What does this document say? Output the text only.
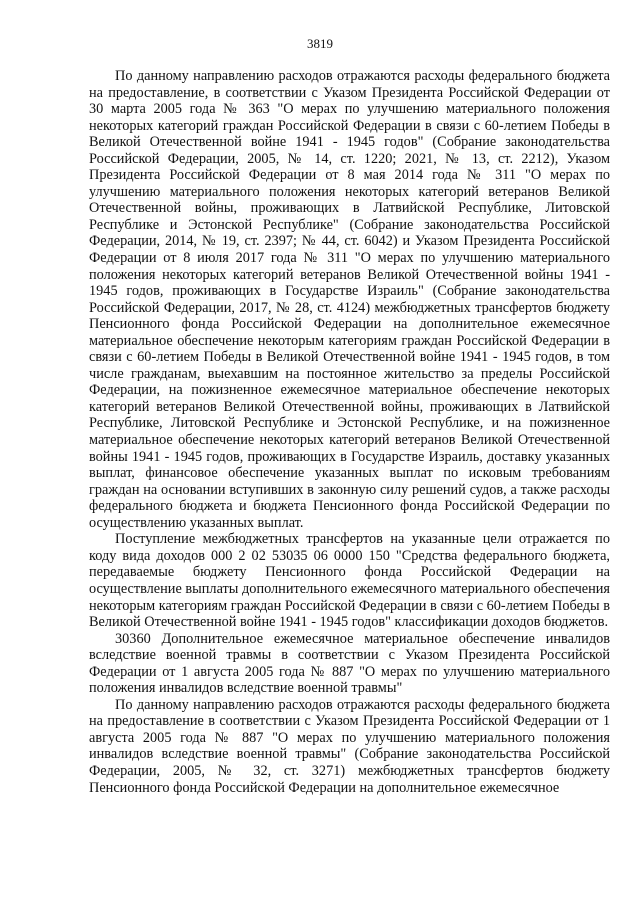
3819

По данному направлению расходов отражаются расходы федерального бюджета на предоставление, в соответствии с Указом Президента Российской Федерации от 30 марта 2005 года № 363 "О мерах по улучшению материального положения некоторых категорий граждан Российской Федерации в связи с 60-летием Победы в Великой Отечественной войне 1941 - 1945 годов" (Собрание законодательства Российской Федерации, 2005, № 14, ст. 1220; 2021, № 13, ст. 2212), Указом Президента Российской Федерации от 8 мая 2014 года № 311 "О мерах по улучшению материального положения некоторых категорий ветеранов Великой Отечественной войны, проживающих в Латвийской Республике, Литовской Республике и Эстонской Республике" (Собрание законодательства Российской Федерации, 2014, № 19, ст. 2397; № 44, ст. 6042) и Указом Президента Российской Федерации от 8 июля 2017 года № 311 "О мерах по улучшению материального положения некоторых категорий ветеранов Великой Отечественной войны 1941 - 1945 годов, проживающих в Государстве Израиль" (Собрание законодательства Российской Федерации, 2017, № 28, ст. 4124) межбюджетных трансфертов бюджету Пенсионного фонда Российской Федерации на дополнительное ежемесячное материальное обеспечение некоторым категориям граждан Российской Федерации в связи с 60-летием Победы в Великой Отечественной войне 1941 - 1945 годов, в том числе гражданам, выехавшим на постоянное жительство за пределы Российской Федерации, на пожизненное ежемесячное материальное обеспечение некоторых категорий ветеранов Великой Отечественной войны, проживающих в Латвийской Республике, Литовской Республике и Эстонской Республике, и на пожизненное материальное обеспечение некоторых категорий ветеранов Великой Отечественной войны 1941 - 1945 годов, проживающих в Государстве Израиль, доставку указанных выплат, финансовое обеспечение указанных выплат по исковым требованиям граждан на основании вступивших в законную силу решений судов, а также расходы федерального бюджета и бюджета Пенсионного фонда Российской Федерации по осуществлению указанных выплат.

Поступление межбюджетных трансфертов на указанные цели отражается по коду вида доходов 000 2 02 53035 06 0000 150 "Средства федерального бюджета, передаваемые бюджету Пенсионного фонда Российской Федерации на осуществление выплаты дополнительного ежемесячного материального обеспечения некоторым категориям граждан Российской Федерации в связи с 60-летием Победы в Великой Отечественной войне 1941 - 1945 годов" классификации доходов бюджетов.

30360 Дополнительное ежемесячное материальное обеспечение инвалидов вследствие военной травмы в соответствии с Указом Президента Российской Федерации от 1 августа 2005 года № 887 "О мерах по улучшению материального положения инвалидов вследствие военной травмы"

По данному направлению расходов отражаются расходы федерального бюджета на предоставление в соответствии с Указом Президента Российской Федерации от 1 августа 2005 года № 887 "О мерах по улучшению материального положения инвалидов вследствие военной травмы" (Собрание законодательства Российской Федерации, 2005, № 32, ст. 3271) межбюджетных трансфертов бюджету Пенсионного фонда Российской Федерации на дополнительное ежемесячное
